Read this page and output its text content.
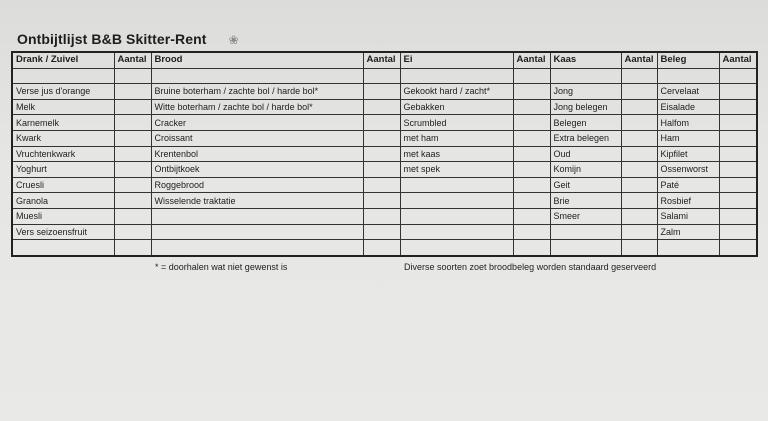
Ontbijtlijst B&B Skitter-Rent ❀
Drank / Zuivel	Aantal	Brood	Aantal	Ei	Aantal	Kaas	Aantal	Beleg	Aantal

Verse jus d'orange		Bruine boterham / zachte bol / harde bol*		Gekookt hard / zacht*		Jong		Cervelaat	
Melk		Witte boterham / zachte bol / harde bol*		Gebakken		Jong belegen		Eisalade	
Karnemelk		Cracker		Scrumbled		Belegen		Halfom	
Kwark		Croissant		met ham		Extra belegen		Ham	
Vruchtenkwark		Krentenbol		met kaas		Oud		Kipfilet	
Yoghurt		Ontbijtkoek		met spek		Komijn		Ossenworst	
Cruesli		Roggebrood				Geit		Paté	
Granola		Wisselende traktatie				Brie		Rosbief	
Muesli						Smeer		Salami	
Vers seizoensfruit								Zalm	

* = doorhalen wat niet gewenst is	Diverse soorten zoet broodbeleg worden standaard geserveerd
